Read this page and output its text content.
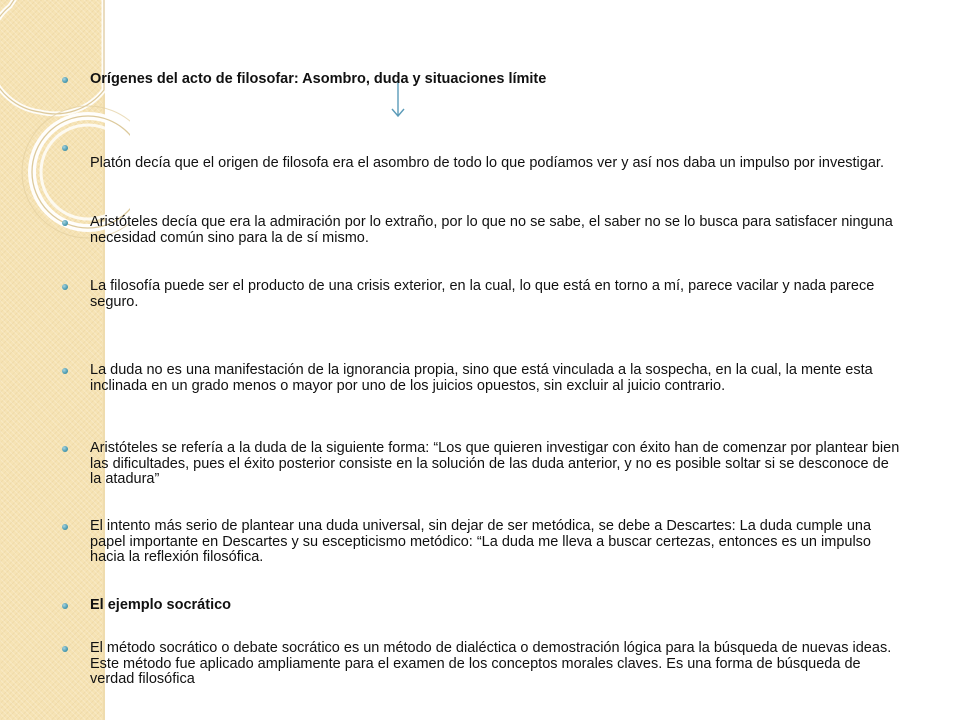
Orígenes del acto de filosofar: Asombro, duda y situaciones límite
Platón decía que el origen de filosofa era el asombro de todo lo que podíamos ver y así nos daba un impulso por investigar.
Aristóteles decía que era la admiración por lo extraño, por lo que no se sabe, el saber no se lo busca para satisfacer ninguna necesidad común sino para la de sí mismo.
La filosofía puede ser el producto de una crisis exterior, en la cual, lo que está en torno a mí, parece vacilar y nada parece seguro.
La duda no es una manifestación de la ignorancia propia, sino que está vinculada a la sospecha, en la cual, la mente esta inclinada en un grado menos o mayor por uno de los juicios opuestos, sin excluir al juicio contrario.
Aristóteles se refería a la duda de la siguiente forma: “Los que quieren investigar con éxito han de comenzar por plantear bien las dificultades, pues el éxito posterior consiste en la solución de las duda anterior, y no es posible soltar si se desconoce de la atadura”
El intento más serio de plantear una duda universal, sin dejar de ser metódica, se debe a Descartes: La duda cumple una papel importante en Descartes y su escepticismo metódico: “La duda me lleva a buscar certezas, entonces es un impulso hacia la reflexión filosófica.
El ejemplo socrático
El método socrático o debate socrático es un método de dialéctica o demostración lógica para la búsqueda de nuevas ideas. Este método fue aplicado ampliamente para el examen de los conceptos morales claves. Es una forma de búsqueda de verdad filosófica
